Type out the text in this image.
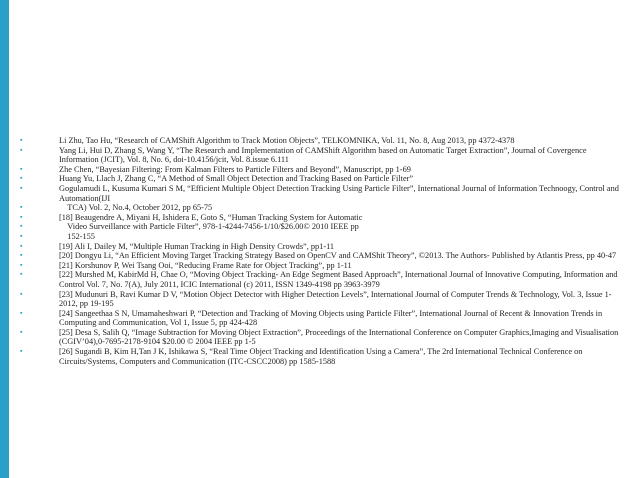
▪	Li Zhu, Tao Hu, “Research of CAMShift Algorithm to Track Motion Objects”, TELKOMNIKA, Vol. 11, No. 8, Aug 2013, pp 4372-4378
▪	Yang Li, Hui D, Zhang S, Wang Y, “The Research and Implementation of CAMShift Algorithm based on Automatic Target Extraction”, Journal of Covergence Information (JCIT), Vol. 8, No. 6, doi-10.4156/jcit, Vol. 8.issue 6.111
▪	Zhe Chen, “Bayesian Filtering: From Kalman Filters to Particle Filters and Beyond”, Manuscript, pp 1-69
▪	Huang Yu, Llach J, Zhang C, “A Method of Small Object Detection and Tracking Based on Particle Filter”
▪	Gogulamudi L, Kusuma Kumari S M, “Efficient Multiple Object Detection Tracking Using Particle Filter”, International Journal of Information Technoogy, Control and Automation(IJI
▪	TCA) Vol. 2, No.4, October 2012, pp 65-75
▪	[18] Beaugendre A, Miyani H, Ishidera E, Goto S, “Human Tracking System for Automatic
▪	Video Surveillance with Particle Filter”, 978-1-4244-7456-1/10/$26.00© 2010 IEEE pp
▪	152-155
▪	[19] Ali I, Dailey M, “Multiple Human Tracking in High Density Crowds”, pp1-11
▪	[20] Dongyu Li, “An Efficient Moving Target Tracking Strategy Based on OpenCV and CAMShit Theory”, ©2013. The Authors- Published by Atlantis Press, pp 40-47
▪	[21] Korshunov P, Wei Tsang Ooi, “Reducing Frame Rate for Object Tracking”, pp 1-11
▪	[22] Murshed M, KabirMd H, Chae O, “Moving Object Tracking- An Edge Segment Based Approach”, International Journal of Innovative Computing, Information and Control Vol. 7, No. 7(A), July 2011, ICIC International (c) 2011, ISSN 1349-4198 pp 3963-3979
▪	[23] Mudunuri B, Ravi Kumar D V, “Motion Object Detector with Higher Detection Levels”, International Journal of Computer Trends & Technology, Vol. 3, Issue 1-2012, pp 19-195
▪	[24] Sangeethaa S N, Umamaheshwari P, “Detection and Tracking of Moving Objects using Particle Filter”, International Journal of Recent & Innovation Trends in Computing and Communication, Vol 1, Issue 5, pp 424-428
▪	[25] Desa S, Salih Q, “Image Subtraction for Moving Object Extraction”, Proceedings of the International Conference on Computer Graphics,Imaging and Visualisation (CGIV’04),0-7695-2178-9104 $20.00 © 2004 IEEE pp 1-5
▪	[26] Sugandi B, Kim H,Tan J K, Ishikawa S, “Real Time Object Tracking and Identification Using a Camera”, The 2rd International Technical Conference on Circuits/Systems, Computers and Communication (ITC-CSCC2008) pp 1585-1588
